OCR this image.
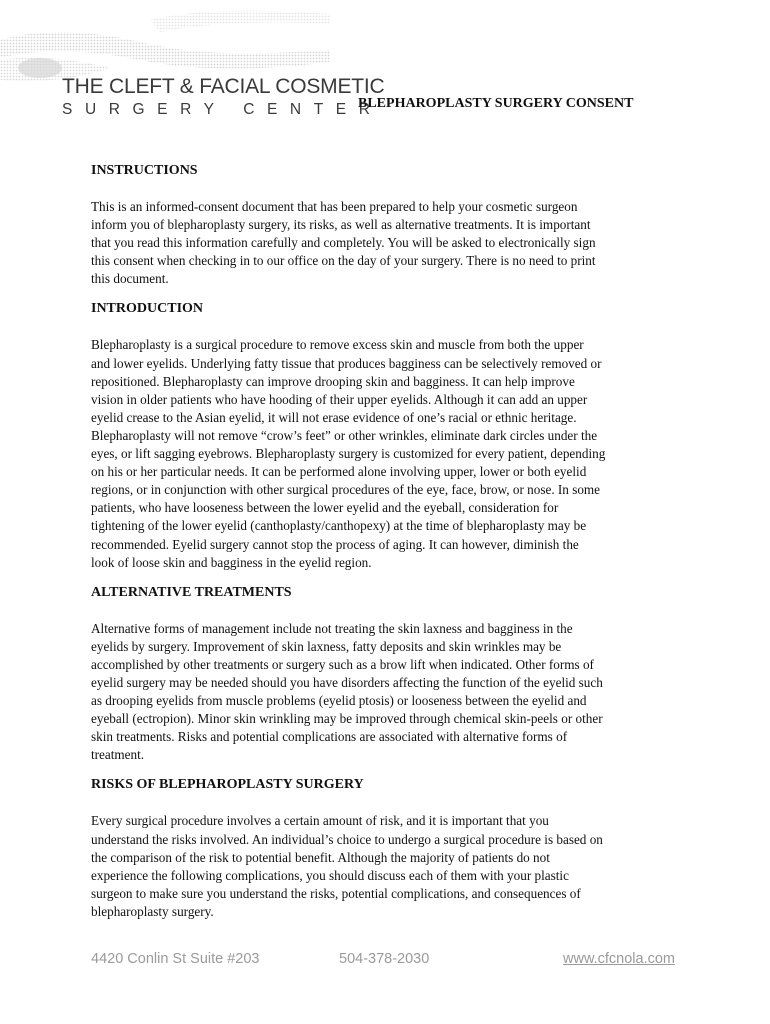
THE CLEFT & FACIAL COSMETIC
SURGERY CENTER
BLEPHAROPLASTY SURGERY CONSENT
INSTRUCTIONS
This is an informed-consent document that has been prepared to help your cosmetic surgeon
inform you of blepharoplasty surgery, its risks, as well as alternative treatments. It is important
that you read this information carefully and completely. You will be asked to electronically sign
this consent when checking in to our office on the day of your surgery. There is no need to print
this document.
INTRODUCTION
Blepharoplasty is a surgical procedure to remove excess skin and muscle from both the upper
and lower eyelids. Underlying fatty tissue that produces bagginess can be selectively removed or
repositioned. Blepharoplasty can improve drooping skin and bagginess. It can help improve
vision in older patients who have hooding of their upper eyelids. Although it can add an upper
eyelid crease to the Asian eyelid, it will not erase evidence of one’s racial or ethnic heritage.
Blepharoplasty will not remove “crow’s feet” or other wrinkles, eliminate dark circles under the
eyes, or lift sagging eyebrows. Blepharoplasty surgery is customized for every patient, depending
on his or her particular needs. It can be performed alone involving upper, lower or both eyelid
regions, or in conjunction with other surgical procedures of the eye, face, brow, or nose. In some
patients, who have looseness between the lower eyelid and the eyeball, consideration for
tightening of the lower eyelid (canthoplasty/canthopexy) at the time of blepharoplasty may be
recommended. Eyelid surgery cannot stop the process of aging. It can however, diminish the
look of loose skin and bagginess in the eyelid region.
ALTERNATIVE TREATMENTS
Alternative forms of management include not treating the skin laxness and bagginess in the
eyelids by surgery. Improvement of skin laxness, fatty deposits and skin wrinkles may be
accomplished by other treatments or surgery such as a brow lift when indicated. Other forms of
eyelid surgery may be needed should you have disorders affecting the function of the eyelid such
as drooping eyelids from muscle problems (eyelid ptosis) or looseness between the eyelid and
eyeball (ectropion). Minor skin wrinkling may be improved through chemical skin-peels or other
skin treatments. Risks and potential complications are associated with alternative forms of
treatment.
RISKS OF BLEPHAROPLASTY SURGERY
Every surgical procedure involves a certain amount of risk, and it is important that you
understand the risks involved. An individual’s choice to undergo a surgical procedure is based on
the comparison of the risk to potential benefit. Although the majority of patients do not
experience the following complications, you should discuss each of them with your plastic
surgeon to make sure you understand the risks, potential complications, and consequences of
blepharoplasty surgery.
4420 Conlin St Suite #203	504-378-2030	www.cfcnola.com
